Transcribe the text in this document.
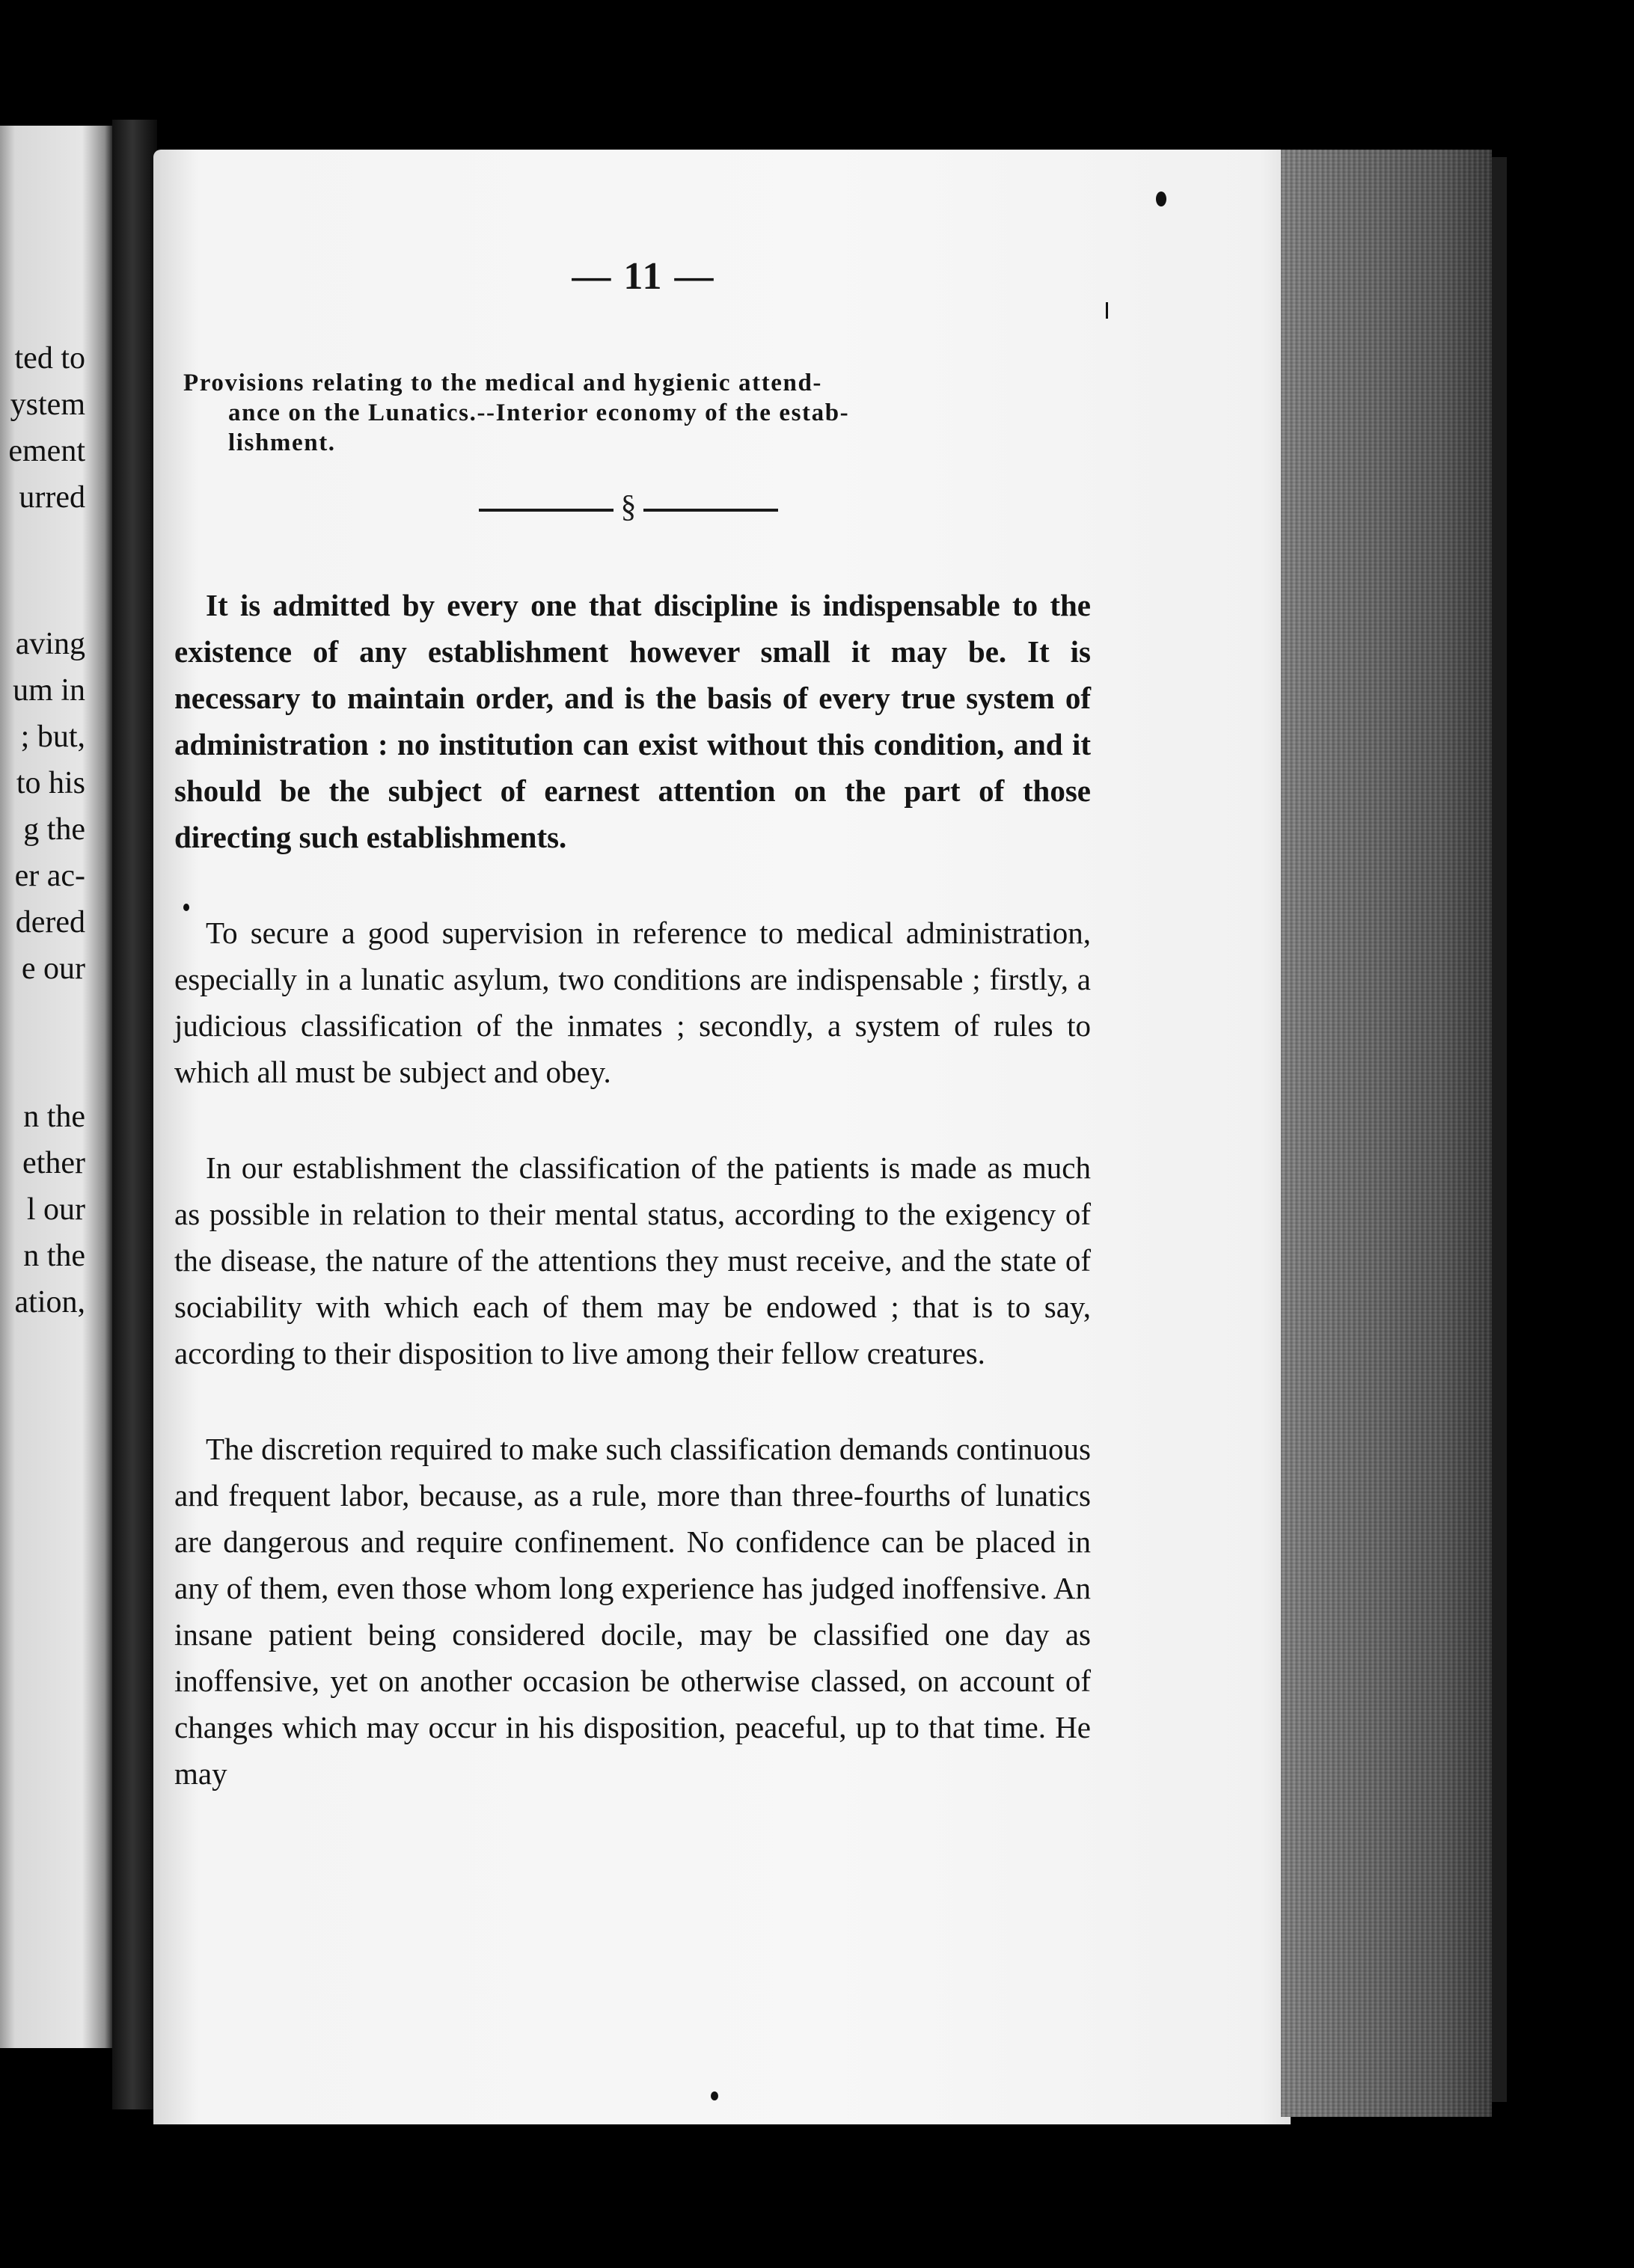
ted to
ystem
ement
urred
aving
um in
; but,
to his
g the
er ac-
dered
e our
n the
ether
l our
n the
ation,
— 11 —
Provisions relating to the medical and hygienic attend-
ance on the Lunatics.--Interior economy of the estab-
lishment.
§

It is admitted by every one that discipline is indispensable to the existence of any establishment however small it may be. It is necessary to maintain order, and is the basis of every true system of administration : no institution can exist without this condition, and it should be the subject of earnest attention on the part of those directing such establishments.

To secure a good supervision in reference to medical administration, especially in a lunatic asylum, two conditions are indispensable ; firstly, a judicious classification of the inmates ; secondly, a system of rules to which all must be subject and obey.

In our establishment the classification of the patients is made as much as possible in relation to their mental status, according to the exigency of the disease, the nature of the attentions they must receive, and the state of sociability with which each of them may be endowed ; that is to say, according to their disposition to live among their fellow creatures.

The discretion required to make such classification demands continuous and frequent labor, because, as a rule, more than three-fourths of lunatics are dangerous and require confinement. No confidence can be placed in any of them, even those whom long experience has judged inoffensive. An insane patient being considered docile, may be classified one day as inoffensive, yet on another occasion be otherwise classed, on account of changes which may occur in his disposition, peaceful, up to that time. He may
